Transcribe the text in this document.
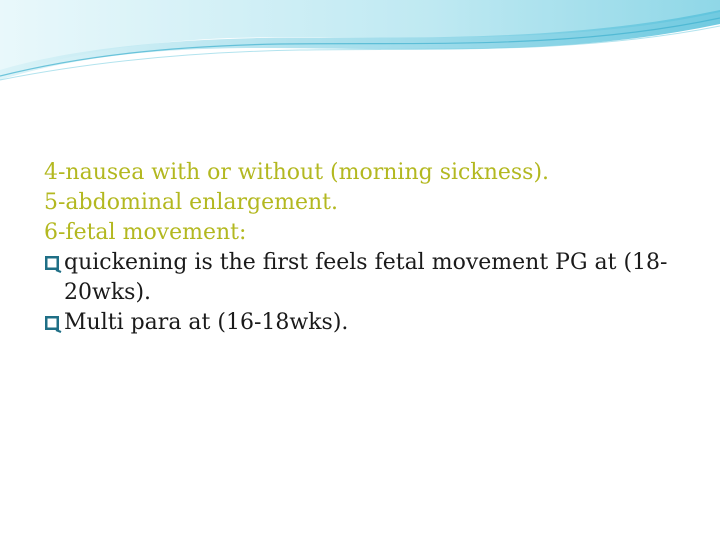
4-nausea with or without (morning sickness).

5-abdominal enlargement.

6-fetal movement:

quickening is the first feels fetal movement PG at (18-20wks).
Multi para at (16-18wks).
